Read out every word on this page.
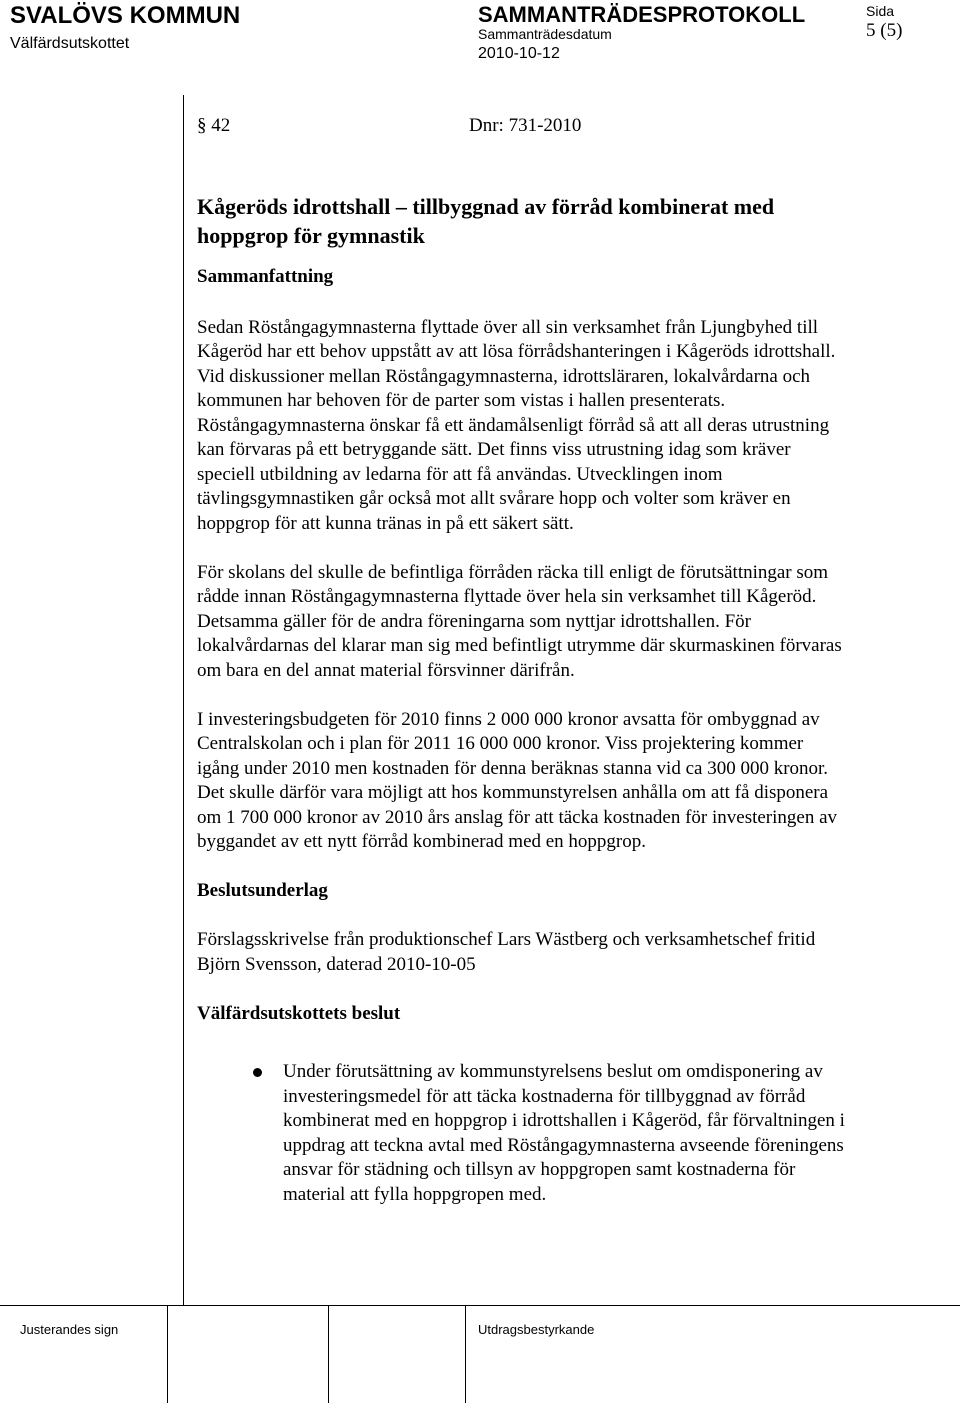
SVALÖVS KOMMUN
Välfärdsutskottet
SAMMANTRÄDESPROTOKOLL
Sammanträdesdatum
2010-10-12
Sida
5 (5)
§ 42	Dnr: 731-2010
Kågeröds idrottshall – tillbyggnad av förråd kombinerat med
hoppgrop för gymnastik
Sammanfattning

Sedan Röstångagymnasterna flyttade över all sin verksamhet från Ljungbyhed till
Kågeröd har ett behov uppstått av att lösa förrådshanteringen i Kågeröds idrottshall.
Vid diskussioner mellan Röstångagymnasterna, idrottsläraren, lokalvårdarna och
kommunen har behoven för de parter som vistas i hallen presenterats.
Röstångagymnasterna önskar få ett ändamålsenligt förråd så att all deras utrustning
kan förvaras på ett betryggande sätt. Det finns viss utrustning idag som kräver
speciell utbildning av ledarna för att få användas. Utvecklingen inom
tävlingsgymnastiken går också mot allt svårare hopp och volter som kräver en
hoppgrop för att kunna tränas in på ett säkert sätt.

För skolans del skulle de befintliga förråden räcka till enligt de förutsättningar som
rådde innan Röstångagymnasterna flyttade över hela sin verksamhet till Kågeröd.
Detsamma gäller för de andra föreningarna som nyttjar idrottshallen. För
lokalvårdarnas del klarar man sig med befintligt utrymme där skurmaskinen förvaras
om bara en del annat material försvinner därifrån.

I investeringsbudgeten för 2010 finns 2 000 000 kronor avsatta för ombyggnad av
Centralskolan och i plan för 2011 16 000 000 kronor. Viss projektering kommer
igång under 2010 men kostnaden för denna beräknas stanna vid ca 300 000 kronor.
Det skulle därför vara möjligt att hos kommunstyrelsen anhålla om att få disponera
om 1 700 000 kronor av 2010 års anslag för att täcka kostnaden för investeringen av
byggandet av ett nytt förråd kombinerad med en hoppgrop.

Beslutsunderlag

Förslagsskrivelse från produktionschef Lars Wästberg och verksamhetschef fritid
Björn Svensson, daterad 2010-10-05

Välfärdsutskottets beslut
Under förutsättning av kommunstyrelsens beslut om omdisponering av
investeringsmedel för att täcka kostnaderna för tillbyggnad av förråd
kombinerat med en hoppgrop i idrottshallen i Kågeröd, får förvaltningen i
uppdrag att teckna avtal med Röstångagymnasterna avseende föreningens
ansvar för städning och tillsyn av hoppgropen samt kostnaderna för
material att fylla hoppgropen med.
Justerandes sign	Utdragsbestyrkande
